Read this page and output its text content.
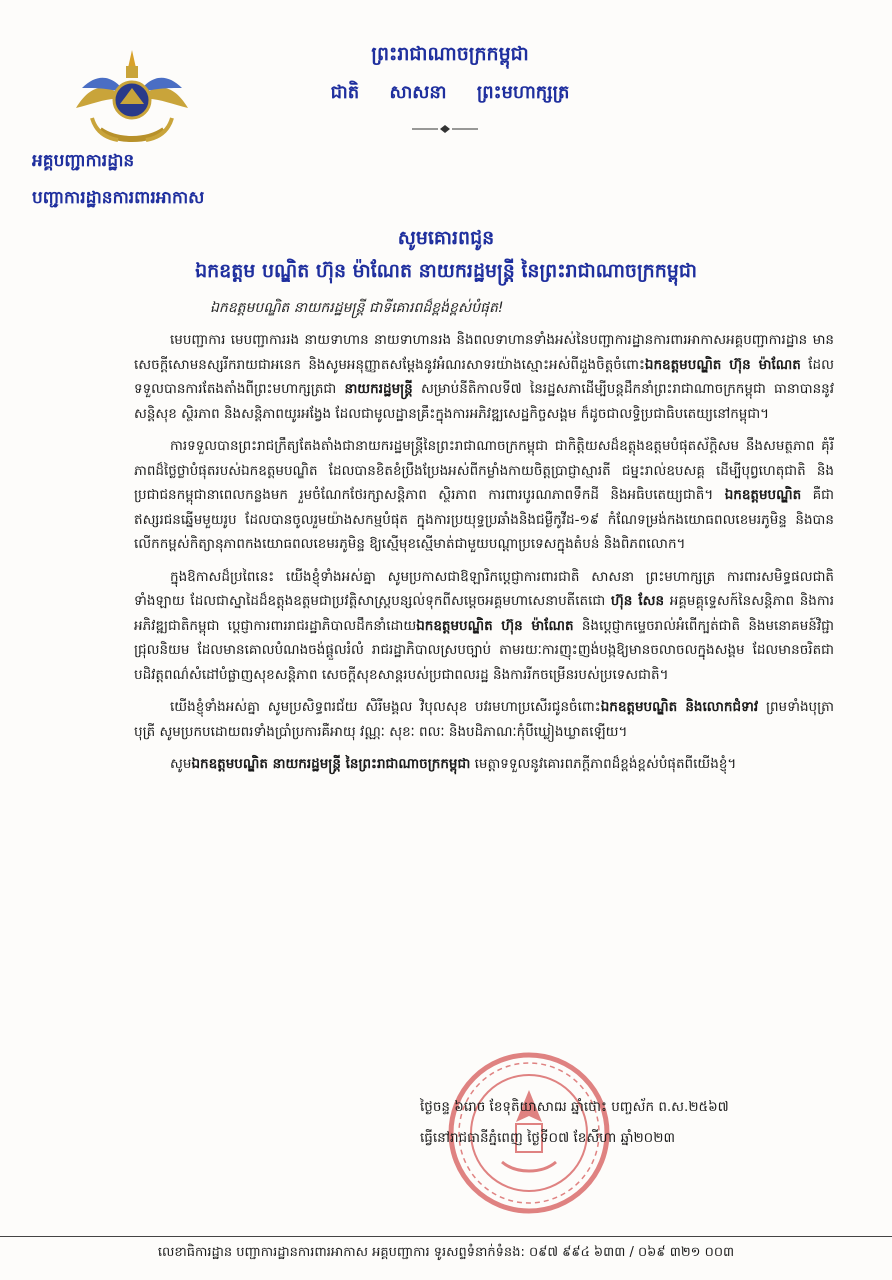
អគ្គបញ្ជាការដ្ឋាន
បញ្ជាការដ្ឋានការពារអាកាស
ព្រះរាជាណាចក្រកម្ពុជា
ជាតិ សាសនា ព្រះមហាក្សត្រ
សូមគោរពជូន
ឯកឧត្តម បណ្ឌិត ហ៊ុន ម៉ាណែត នាយករដ្ឋមន្ត្រី នៃព្រះរាជាណាចក្រកម្ពុជា
ឯកឧត្តមបណ្ឌិត នាយករដ្ឋមន្ត្រី ជាទីគោរពដ៏ខ្ពង់ខ្ពស់បំផុត!

មេបញ្ជាការ មេបញ្ជាការរង នាយទាហាន នាយទាហានរង និងពលទាហានទាំងអស់នៃបញ្ជាការដ្ឋានការពារអាកាសអគ្គបញ្ជាការដ្ឋាន មានសេចក្តីសោមនស្សរីករាយជាអនេក និងសូមអនុញ្ញាតសម្តែងនូវអំណរសាទរយ៉ាងស្មោះអស់ពីដួងចិត្តចំពោះឯកឧត្តមបណ្ឌិត ហ៊ុន ម៉ាណែត ដែលទទួលបានការតែងតាំងពីព្រះមហាក្សត្រជា នាយករដ្ឋមន្ត្រី សម្រាប់នីតិកាលទី៧ នៃរដ្ឋសភាដើម្បីបន្តដឹកនាំព្រះរាជាណាចក្រកម្ពុជា ធានាបាននូវសន្តិសុខ ស្ថិរភាព និងសន្តិភាពយូរអង្វែង ដែលជាមូលដ្ឋានគ្រឹះក្នុងការអភិវឌ្ឍសេដ្ឋកិច្ចសង្គម ក៏ដូចជាលទ្ធិប្រជាធិបតេយ្យនៅកម្ពុជា។

ការទទួលបានព្រះរាជក្រឹត្យតែងតាំងជានាយករដ្ឋមន្ត្រីនៃព្រះរាជាណាចក្រកម្ពុជា ជាកិត្តិយសដ៏ឧត្តុងឧត្តមបំផុតស័ក្តិសម នឹងសមត្ថភាព គុំរីភាពដ៏ថ្លៃថ្លាបំផុតរបស់ឯកឧត្តមបណ្ឌិត ដែលបានខិតខំប្រឹងប្រែងអស់ពីកម្លាំងកាយចិត្តប្រាជ្ញាស្មារតី ជម្នះរាល់ឧបសគ្គ ដើម្បីបុព្វហេតុជាតិ និងប្រជាជនកម្ពុជានាពេលកន្លងមក រួមចំណែកថែរក្សាសន្តិភាព ស្ថិរភាព ការពារបូរណភាពទឹកដី និងអធិបតេយ្យជាតិ។ ឯកឧត្តមបណ្ឌិត គឺជាឥស្សរជនឆ្នើមមួយរូប ដែលបានចូលរួមយ៉ាងសកម្មបំផុត ក្នុងការប្រយុទ្ធប្រឆាំងនិងជម្ងឺកូវីដ-១៩ កំណែទម្រង់កងយោធពលខេមរភូមិន្ទ និងបានលើកកម្ពស់កិត្យានុភាពកងយោធពលខេមរភូមិន្ទ ឱ្យស្មើមុខស្មើមាត់ជាមួយបណ្តាប្រទេសក្នុងតំបន់ និងពិភពលោក។

ក្នុងឱកាសដ៏ប្រពៃនេះ យើងខ្ញុំទាំងអស់គ្នា សូមប្រកាសជាឱឡារិកប្តេជ្ញាការពារជាតិ សាសនា ព្រះមហាក្សត្រ ការពារសមិទ្ធផលជាតិទាំងឡាយ ដែលជាស្នាដៃដ៏ឧត្តុងឧត្តមជាប្រវត្តិសាស្ត្របន្សល់ទុកពីសម្តេចអគ្គមហាសេនាបតីតេជោ ហ៊ុន សែន អគ្គមគ្គុទ្ទេសក៍នៃសន្តិភាព និងការអភិវឌ្ឍជាតិកម្ពុជា ប្តេជ្ញាការពាររាជរដ្ឋាភិបាលដឹកនាំដោយឯកឧត្តមបណ្ឌិត ហ៊ុន ម៉ាណែត និងប្តេជ្ញាកម្ទេចរាល់អំពើក្បត់ជាតិ និងមនោគមន៍វិជ្ជាជ្រុលនិយម ដែលមានគោលបំណងចង់ផ្តួលរំលំ រាជរដ្ឋាភិបាលស្របច្បាប់ តាមរយៈការញុះញង់បង្កឱ្យមានចលាចលក្នុងសង្គម ដែលមានចរិតជាបដិវត្តពណ៌សំដៅបំផ្លាញសុខសន្តិភាព សេចក្តីសុខសាន្តរបស់ប្រជាពលរដ្ឋ និងការរីកចម្រើនរបស់ប្រទេសជាតិ។

យើងខ្ញុំទាំងអស់គ្នា សូមប្រសិទ្ធពរជ័យ សិរីមង្គល វិបុលសុខ បវរមហាប្រសើរជូនចំពោះឯកឧត្តមបណ្ឌិត និងលោកជំទាវ ព្រមទាំងបុត្រាបុត្រី សូមប្រកបដោយពរទាំងប្រាំប្រការគឺអាយុ វណ្ណៈ សុខៈ ពលៈ និងបដិភាណៈកុំបីឃ្លៀងឃ្លាតឡើយ។

សូមឯកឧត្តមបណ្ឌិត នាយករដ្ឋមន្ត្រី នៃព្រះរាជាណាចក្រកម្ពុជា មេត្តាទទួលនូវគោរពភក្តីភាពដ៏ខ្ពង់ខ្ពស់បំផុតពីយើងខ្ញុំ។

ថ្ងៃចន្ទ ៦រោច ខែទុតិយាសាឍ ឆ្នាំថោះ បញ្ចស័ក ព.ស.២៥៦៧
ធ្វើនៅរាជធានីភ្នំពេញ ថ្ងៃទី០៧ ខែសីហា ឆ្នាំ២០២៣
លេខាធិការដ្ឋាន បញ្ជាការដ្ឋានការពារអាកាស អគ្គបញ្ជាការ ទូរសព្ទទំនាក់ទំនង: ០៩៧ ៩៩៤ ៦៣៣ / ០៦៩ ៣២១ ០០៣
